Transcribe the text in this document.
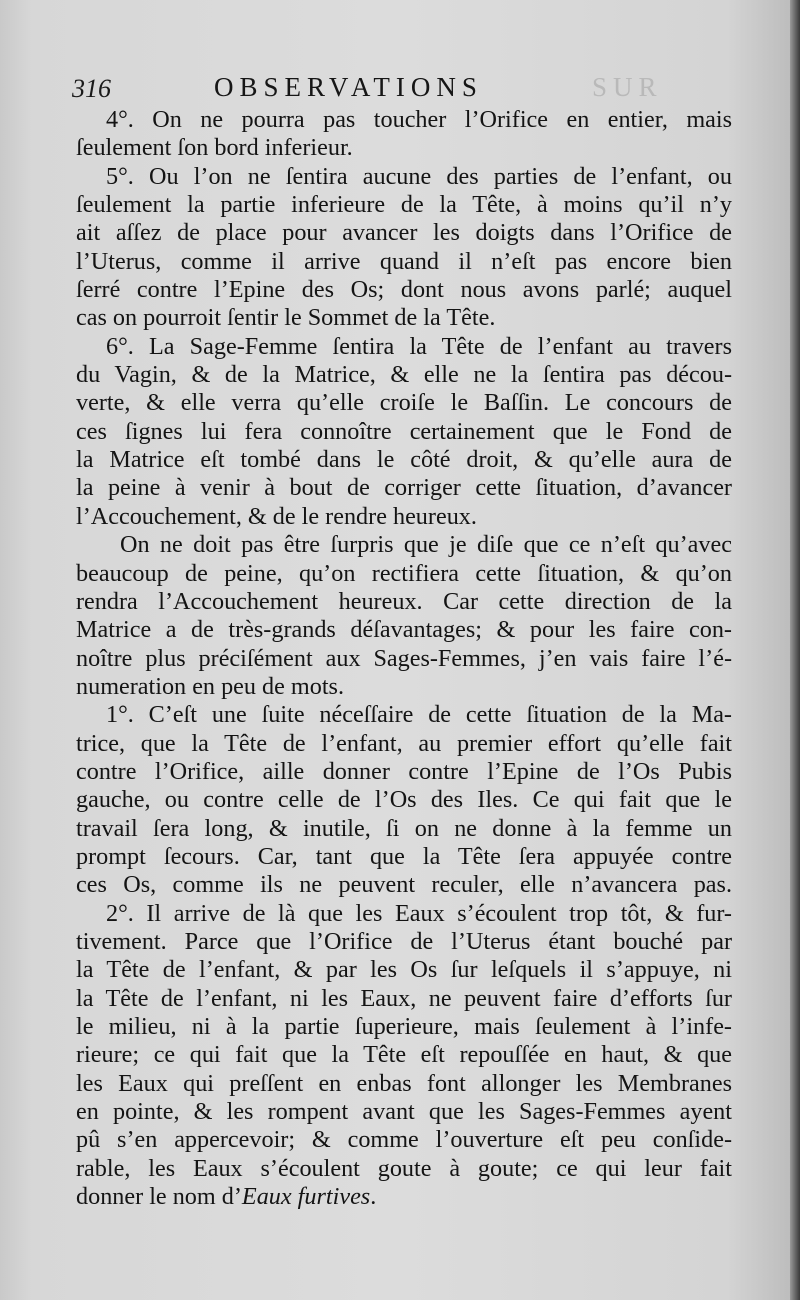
316	OBSERVATIONS	SUR
4°. On ne pourra pas toucher l’Orifice en entier, mais
ſeulement ſon bord inferieur.
5°. Ou l’on ne ſentira aucune des parties de l’enfant, ou
ſeulement la partie inferieure de la Tête, à moins qu’il n’y
ait aſſez de place pour avancer les doigts dans l’Orifice de
l’Uterus, comme il arrive quand il n’eſt pas encore bien
ſerré contre l’Epine des Os; dont nous avons parlé; auquel
cas on pourroit ſentir le Sommet de la Tête.
6°. La Sage-Femme ſentira la Tête de l’enfant au travers
du Vagin, & de la Matrice, & elle ne la ſentira pas décou-
verte, & elle verra qu’elle croiſe le Baſſin. Le concours de
ces ſignes lui fera connoître certainement que le Fond de
la Matrice eſt tombé dans le côté droit, & qu’elle aura de
la peine à venir à bout de corriger cette ſituation, d’avancer
l’Accouchement, & de le rendre heureux.
On ne doit pas être ſurpris que je diſe que ce n’eſt qu’avec
beaucoup de peine, qu’on rectifiera cette ſituation, & qu’on
rendra l’Accouchement heureux. Car cette direction de la
Matrice a de très-grands déſavantages; & pour les faire con-
noître plus préciſément aux Sages-Femmes, j’en vais faire l’é-
numeration en peu de mots.
1°. C’eſt une ſuite néceſſaire de cette ſituation de la Ma-
trice, que la Tête de l’enfant, au premier effort qu’elle fait
contre l’Orifice, aille donner contre l’Epine de l’Os Pubis
gauche, ou contre celle de l’Os des Iles. Ce qui fait que le
travail ſera long, & inutile, ſi on ne donne à la femme un
prompt ſecours. Car, tant que la Tête ſera appuyée contre
ces Os, comme ils ne peuvent reculer, elle n’avancera pas.
2°. Il arrive de là que les Eaux s’écoulent trop tôt, & fur-
tivement. Parce que l’Orifice de l’Uterus étant bouché par
la Tête de l’enfant, & par les Os ſur leſquels il s’appuye, ni
la Tête de l’enfant, ni les Eaux, ne peuvent faire d’efforts ſur
le milieu, ni à la partie ſuperieure, mais ſeulement à l’infe-
rieure; ce qui fait que la Tête eſt repouſſée en haut, & que
les Eaux qui preſſent en enbas font allonger les Membranes
en pointe, & les rompent avant que les Sages-Femmes ayent
pû s’en appercevoir; & comme l’ouverture eſt peu conſide-
rable, les Eaux s’écoulent goute à goute; ce qui leur fait
donner le nom d’Eaux furtives.
